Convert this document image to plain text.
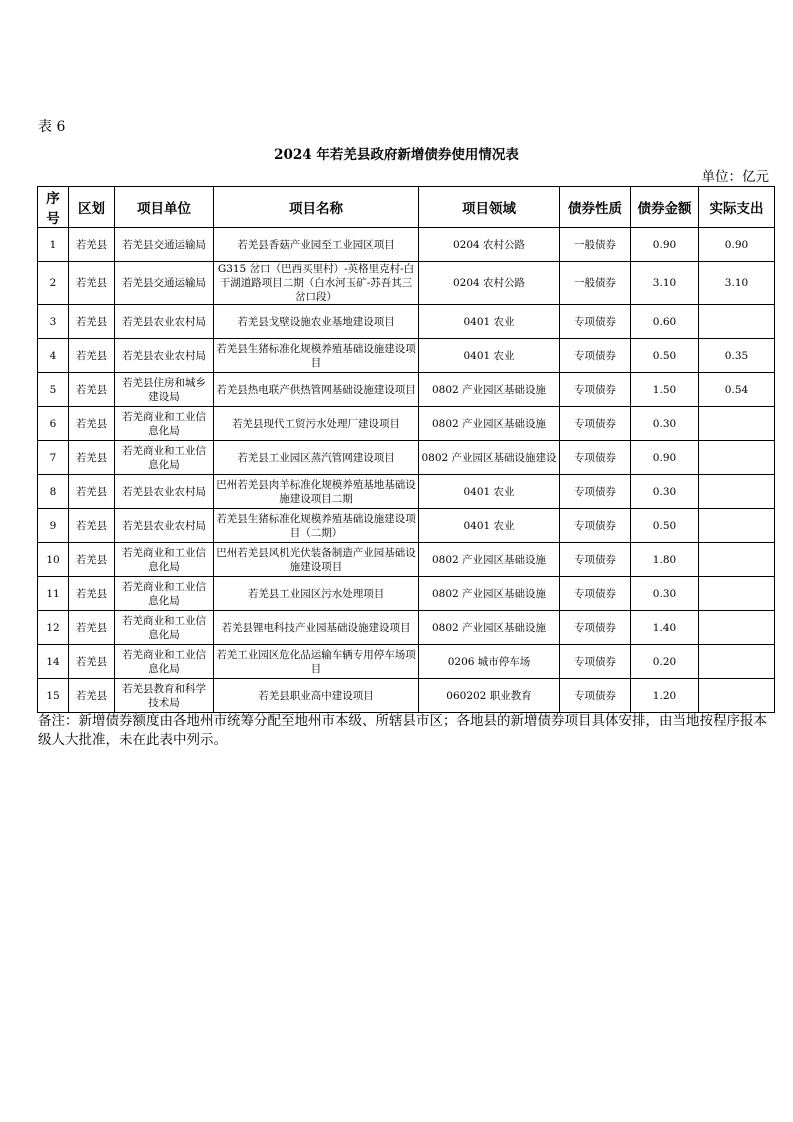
表 6
2024 年若羌县政府新增债券使用情况表
单位：亿元
序号	区划	项目单位	项目名称	项目领域	债券性质	债券金额	实际支出
1	若羌县	若羌县交通运输局	若羌县香菇产业园至工业园区项目	0204 农村公路	一般债券	0.90	0.90
2	若羌县	若羌县交通运输局	G315 岔口（巴西买里村）-英格里克村-白干湖道路项目二期（白水河玉矿-苏吾其三岔口段）	0204 农村公路	一般债券	3.10	3.10
3	若羌县	若羌县农业农村局	若羌县戈壁设施农业基地建设项目	0401 农业	专项债券	0.60	
4	若羌县	若羌县农业农村局	若羌县生猪标准化规模养殖基础设施建设项目	0401 农业	专项债券	0.50	0.35
5	若羌县	若羌县住房和城乡建设局	若羌县热电联产供热管网基础设施建设项目	0802 产业园区基础设施	专项债券	1.50	0.54
6	若羌县	若羌商业和工业信息化局	若羌县现代工贸污水处理厂建设项目	0802 产业园区基础设施	专项债券	0.30	
7	若羌县	若羌商业和工业信息化局	若羌县工业园区蒸汽管网建设项目	0802 产业园区基础设施建设	专项债券	0.90	
8	若羌县	若羌县农业农村局	巴州若羌县肉羊标准化规模养殖基地基础设施建设项目二期	0401 农业	专项债券	0.30	
9	若羌县	若羌县农业农村局	若羌县生猪标准化规模养殖基础设施建设项目（二期）	0401 农业	专项债券	0.50	
10	若羌县	若羌商业和工业信息化局	巴州若羌县风机光伏装备制造产业园基础设施建设项目	0802 产业园区基础设施	专项债券	1.80	
11	若羌县	若羌商业和工业信息化局	若羌县工业园区污水处理项目	0802 产业园区基础设施	专项债券	0.30	
12	若羌县	若羌商业和工业信息化局	若羌县锂电科技产业园基础设施建设项目	0802 产业园区基础设施	专项债券	1.40	
14	若羌县	若羌商业和工业信息化局	若羌工业园区危化品运输车辆专用停车场项目	0206 城市停车场	专项债券	0.20	
15	若羌县	若羌县教育和科学技术局	若羌县职业高中建设项目	060202 职业教育	专项债券	1.20	
备注：新增债券额度由各地州市统筹分配至地州市本级、所辖县市区；各地县的新增债券项目具体安排，由当地按程序报本级人大批准，未在此表中列示。
